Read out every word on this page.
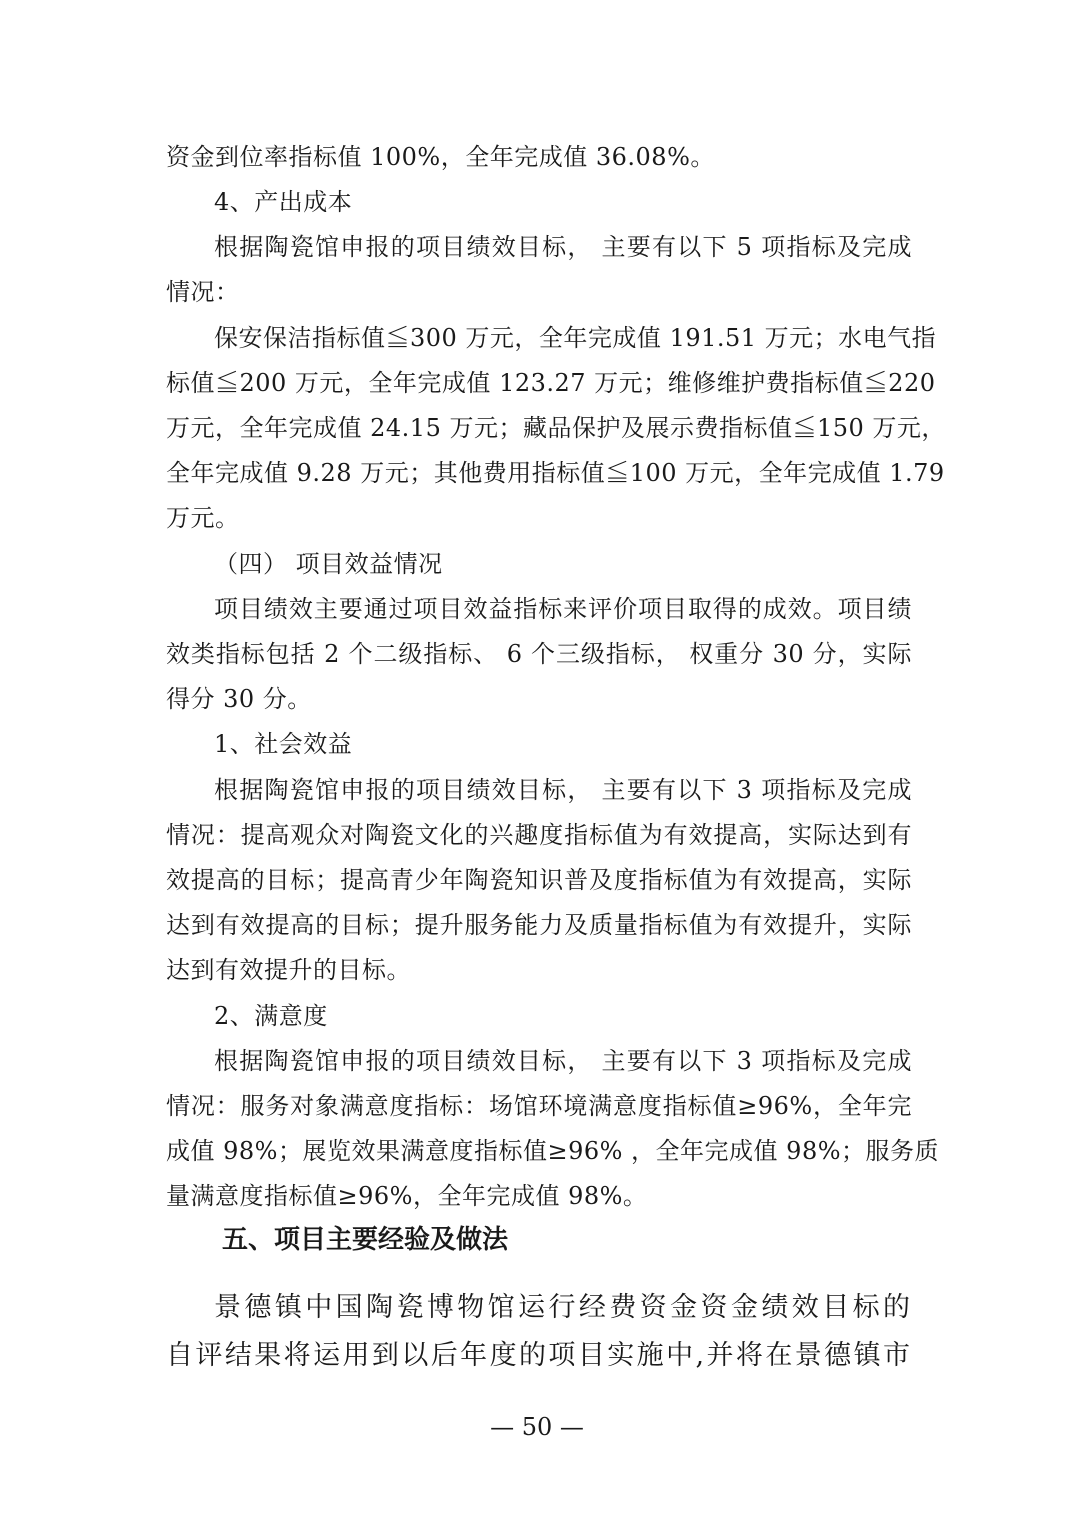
资金到位率指标值 100%，全年完成值 36.08%。
4、产出成本
根据陶瓷馆申报的项目绩效目标， 主要有以下 5 项指标及完成
情况：
保安保洁指标值≦300 万元，全年完成值 191.51 万元；水电气指
标值≦200 万元，全年完成值 123.27 万元；维修维护费指标值≦220
万元，全年完成值 24.15 万元；藏品保护及展示费指标值≦150 万元，
全年完成值 9.28 万元；其他费用指标值≦100 万元，全年完成值 1.79
万元。
（四） 项目效益情况
项目绩效主要通过项目效益指标来评价项目取得的成效。项目绩
效类指标包括 2 个二级指标、 6 个三级指标， 权重分 30 分，实际
得分 30 分。
1、社会效益
根据陶瓷馆申报的项目绩效目标， 主要有以下 3 项指标及完成
情况：提高观众对陶瓷文化的兴趣度指标值为有效提高，实际达到有
效提高的目标；提高青少年陶瓷知识普及度指标值为有效提高，实际
达到有效提高的目标；提升服务能力及质量指标值为有效提升，实际
达到有效提升的目标。
2、满意度
根据陶瓷馆申报的项目绩效目标， 主要有以下 3 项指标及完成
情况：服务对象满意度指标：场馆环境满意度指标值≥96%，全年完
成值 98%；展览效果满意度指标值≥96% ，全年完成值 98%；服务质
量满意度指标值≥96%，全年完成值 98%。
五、项目主要经验及做法
景德镇中国陶瓷博物馆运行经费资金资金绩效目标的
自评结果将运用到以后年度的项目实施中,并将在景德镇市
— 50 —
